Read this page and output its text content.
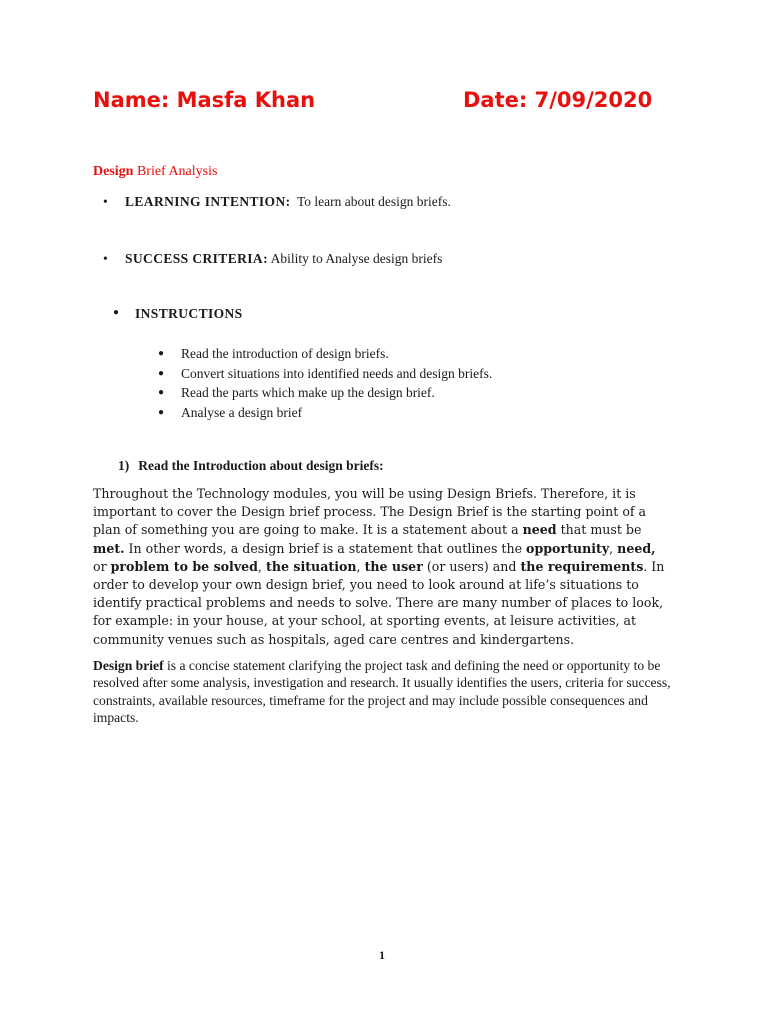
Name: Masfa Khan	Date: 7/09/2020
Design Brief Analysis
• LEARNING INTENTION:  To learn about design briefs.
• SUCCESS CRITERIA: Ability to Analyse design briefs
● INSTRUCTIONS
● Read the introduction of design briefs.
● Convert situations into identified needs and design briefs.
● Read the parts which make up the design brief.
● Analyse a design brief
1) Read the Introduction about design briefs:

Throughout the Technology modules, you will be using Design Briefs. Therefore, it is important to cover the Design brief process. The Design Brief is the starting point of a plan of something you are going to make. It is a statement about a need that must be met. In other words, a design brief is a statement that outlines the opportunity, need, or problem to be solved, the situation, the user (or users) and the requirements. In order to develop your own design brief, you need to look around at life’s situations to identify practical problems and needs to solve. There are many number of places to look, for example: in your house, at your school, at sporting events, at leisure activities, at community venues such as hospitals, aged care centres and kindergartens.

Design brief is a concise statement clarifying the project task and defining the need or opportunity to be resolved after some analysis, investigation and research. It usually identifies the users, criteria for success, constraints, available resources, timeframe for the project and may include possible consequences and impacts.

1
